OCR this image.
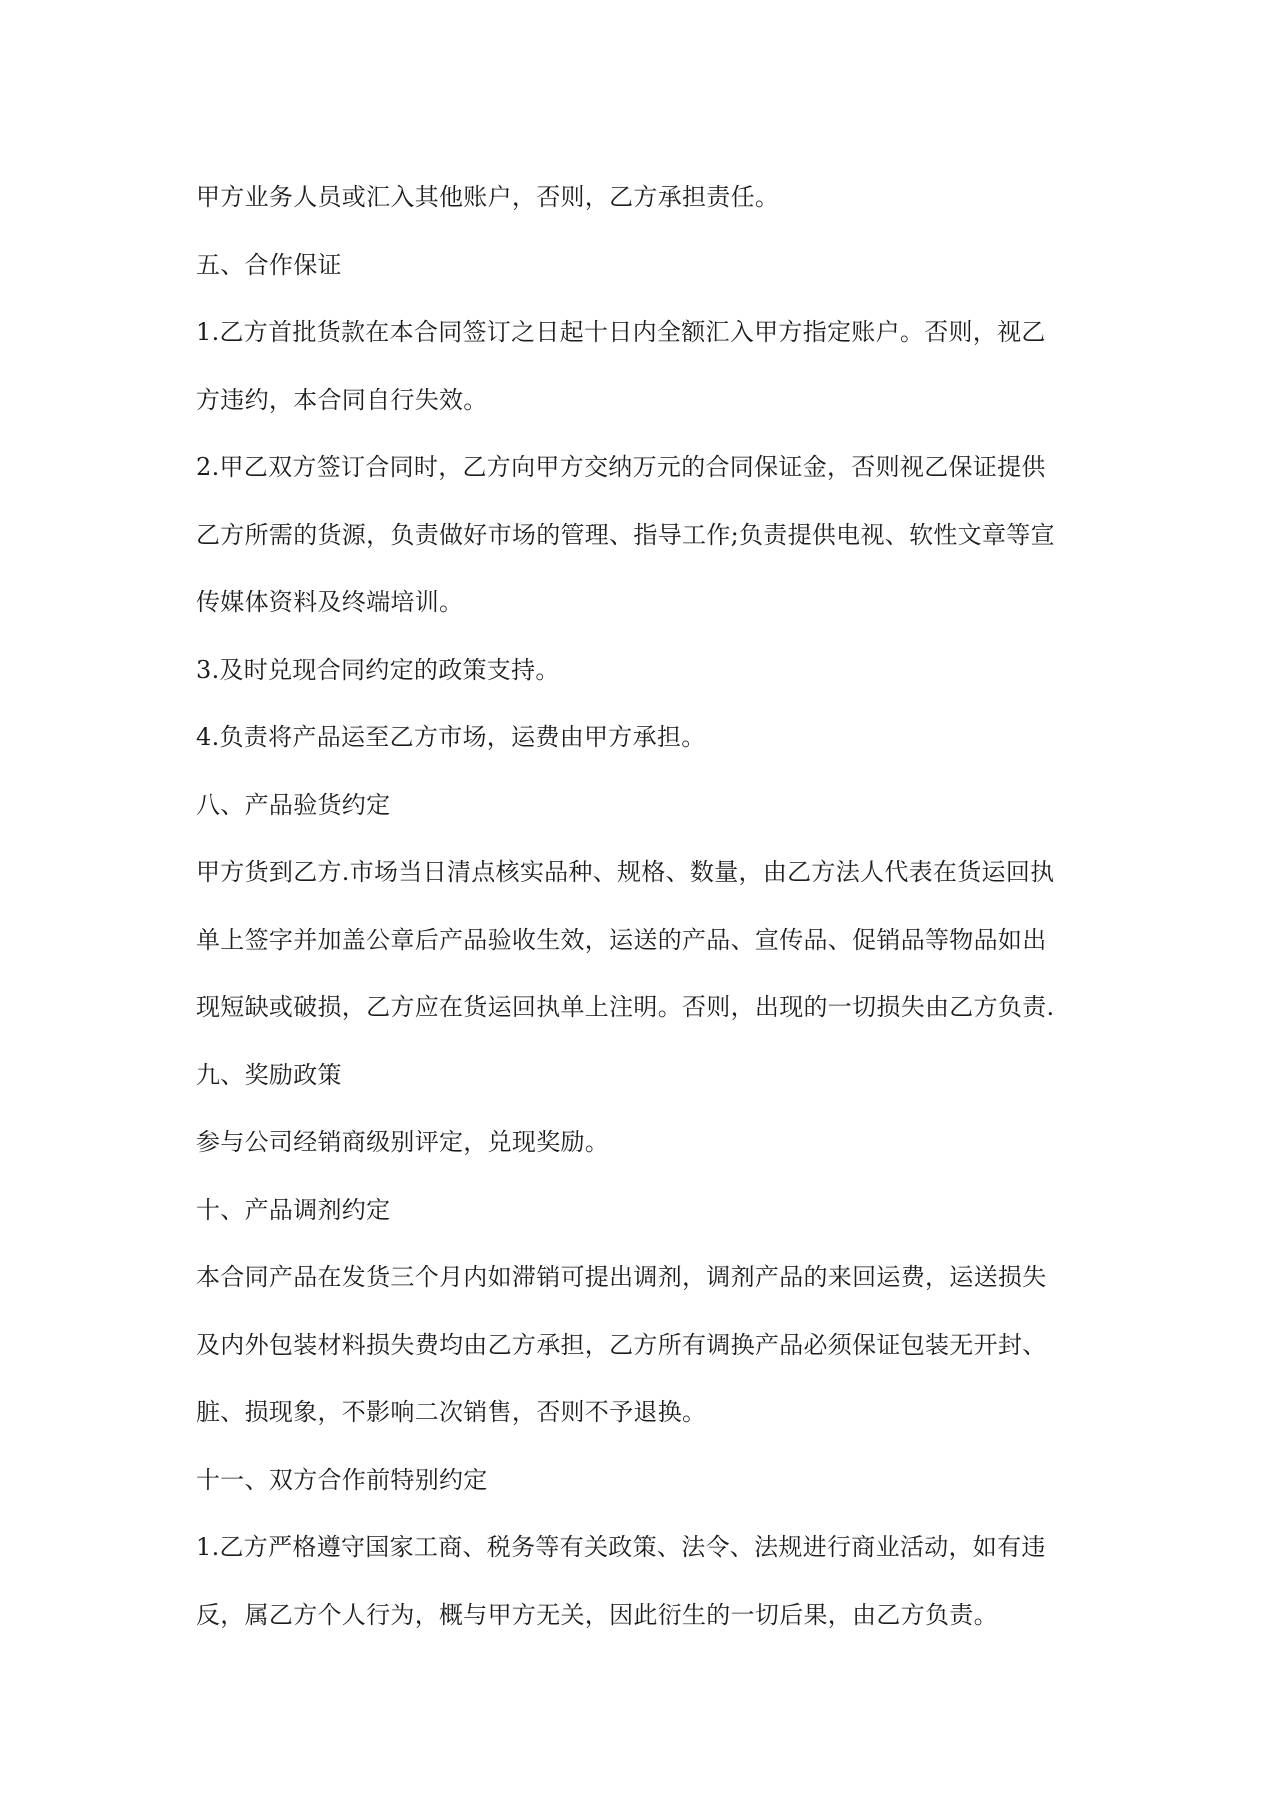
甲方业务人员或汇入其他账户，否则，乙方承担责任。
五、合作保证
1.乙方首批货款在本合同签订之日起十日内全额汇入甲方指定账户。否则，视乙
方违约，本合同自行失效。
2.甲乙双方签订合同时，乙方向甲方交纳万元的合同保证金，否则视乙保证提供
乙方所需的货源，负责做好市场的管理、指导工作;负责提供电视、软性文章等宣
传媒体资料及终端培训。
3.及时兑现合同约定的政策支持。
4.负责将产品运至乙方市场，运费由甲方承担。
八、产品验货约定
甲方货到乙方.市场当日清点核实品种、规格、数量，由乙方法人代表在货运回执
单上签字并加盖公章后产品验收生效，运送的产品、宣传品、促销品等物品如出
现短缺或破损，乙方应在货运回执单上注明。否则，出现的一切损失由乙方负责.
九、奖励政策
参与公司经销商级别评定，兑现奖励。
十、产品调剂约定
本合同产品在发货三个月内如滞销可提出调剂，调剂产品的来回运费，运送损失
及内外包装材料损失费均由乙方承担，乙方所有调换产品必须保证包装无开封、
脏、损现象，不影响二次销售，否则不予退换。
十一、双方合作前特别约定
1.乙方严格遵守国家工商、税务等有关政策、法令、法规进行商业活动，如有违
反，属乙方个人行为，概与甲方无关，因此衍生的一切后果，由乙方负责。
